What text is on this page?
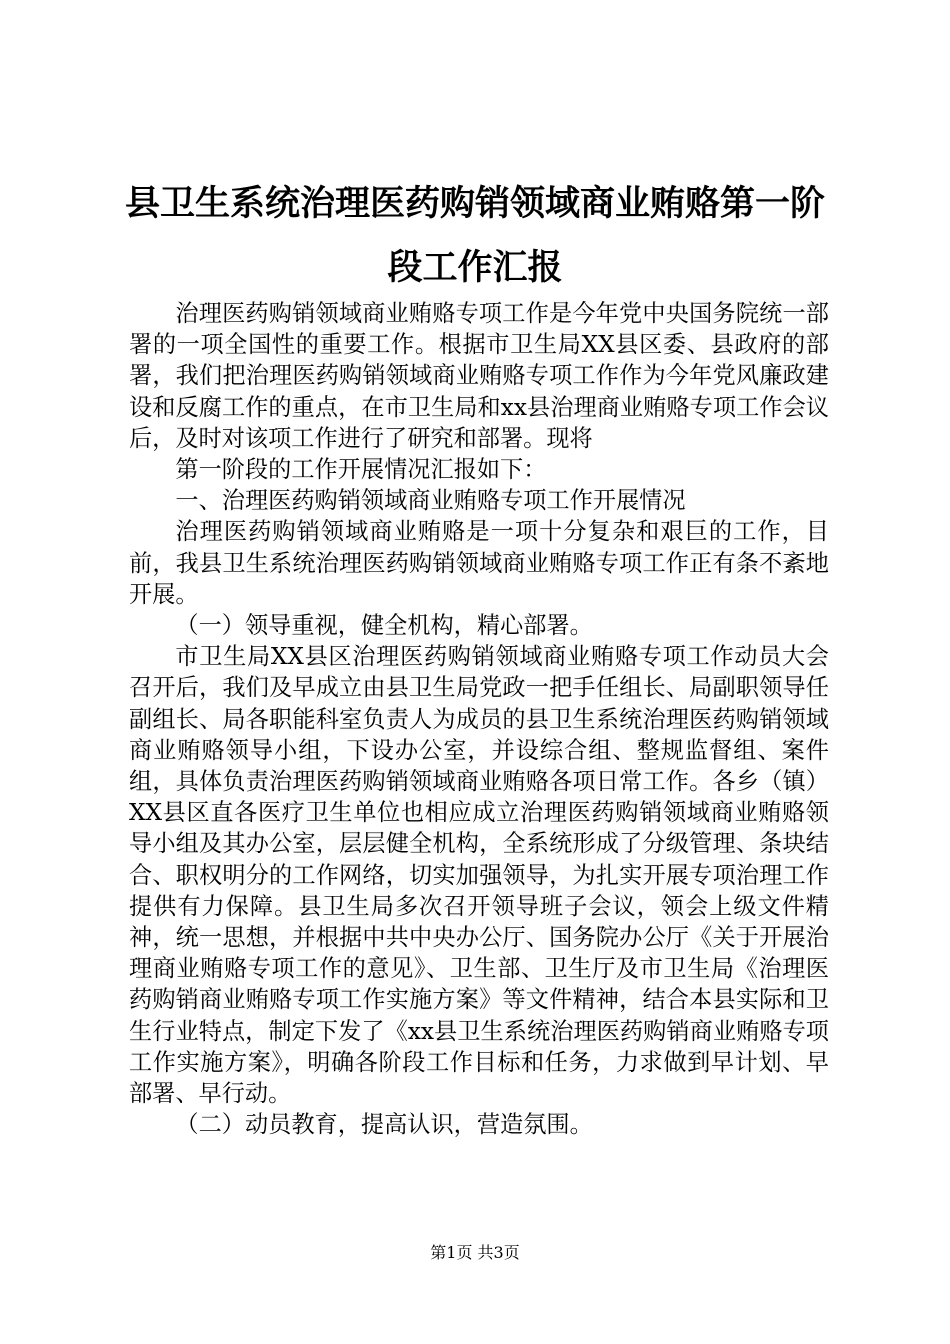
县卫生系统治理医药购销领域商业贿赂第一阶段工作汇报

治理医药购销领域商业贿赂专项工作是今年党中央国务院统一部署的一项全国性的重要工作。根据市卫生局XX县区委、县政府的部署，我们把治理医药购销领域商业贿赂专项工作作为今年党风廉政建设和反腐工作的重点，在市卫生局和xx县治理商业贿赂专项工作会议后，及时对该项工作进行了研究和部署。现将

第一阶段的工作开展情况汇报如下：

一、治理医药购销领域商业贿赂专项工作开展情况

治理医药购销领域商业贿赂是一项十分复杂和艰巨的工作，目前，我县卫生系统治理医药购销领域商业贿赂专项工作正有条不紊地开展。

（一）领导重视，健全机构，精心部署。

市卫生局XX县区治理医药购销领域商业贿赂专项工作动员大会召开后，我们及早成立由县卫生局党政一把手任组长、局副职领导任副组长、局各职能科室负责人为成员的县卫生系统治理医药购销领域商业贿赂领导小组，下设办公室，并设综合组、整规监督组、案件组，具体负责治理医药购销领域商业贿赂各项日常工作。各乡（镇）XX县区直各医疗卫生单位也相应成立治理医药购销领域商业贿赂领导小组及其办公室，层层健全机构，全系统形成了分级管理、条块结合、职权明分的工作网络，切实加强领导，为扎实开展专项治理工作提供有力保障。县卫生局多次召开领导班子会议，领会上级文件精神，统一思想，并根据中共中央办公厅、国务院办公厅《关于开展治理商业贿赂专项工作的意见》、卫生部、卫生厅及市卫生局《治理医药购销商业贿赂专项工作实施方案》等文件精神，结合本县实际和卫生行业特点，制定下发了《xx县卫生系统治理医药购销商业贿赂专项工作实施方案》，明确各阶段工作目标和任务，力求做到早计划、早部署、早行动。

（二）动员教育，提高认识，营造氛围。

第1页 共3页
